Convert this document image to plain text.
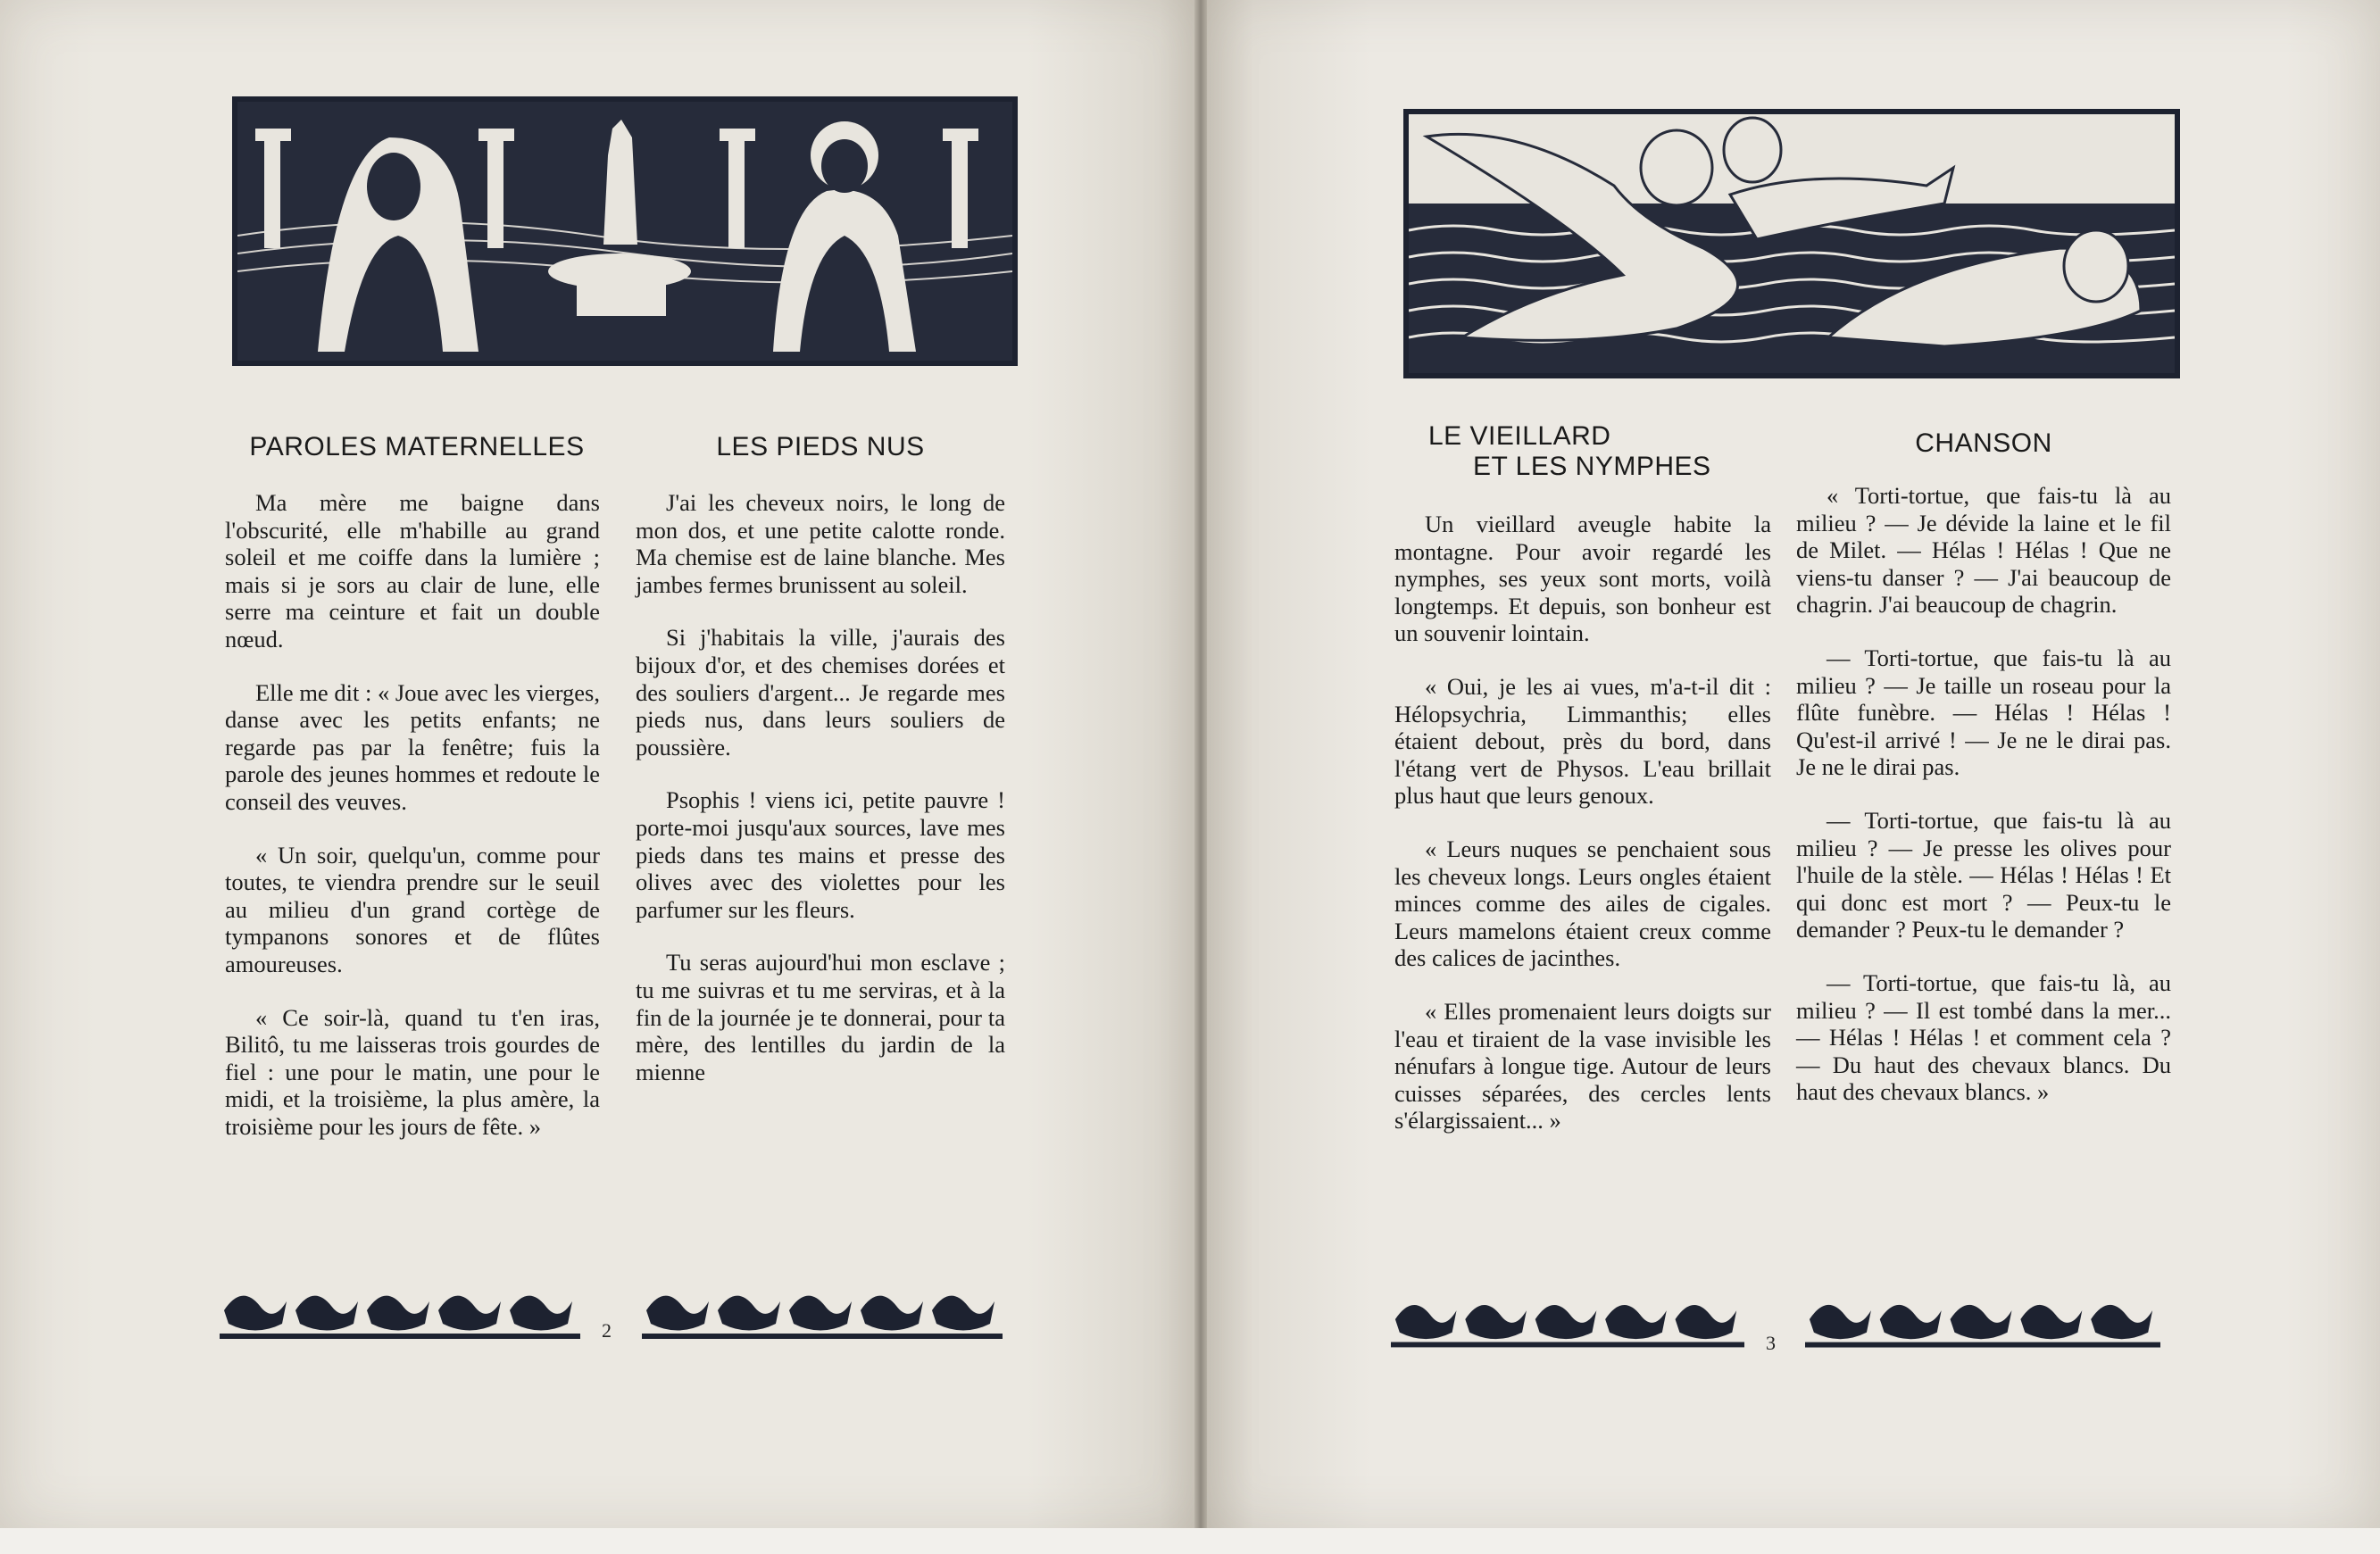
PAROLES MATERNELLES	LES PIEDS NUS

Ma mère me baigne dans l'obscurité, elle m'habille au grand soleil et me coiffe dans la lumière ; mais si je sors au clair de lune, elle serre ma ceinture et fait un double nœud.

Elle me dit : « Joue avec les vierges, danse avec les petits enfants; ne regarde pas par la fenêtre; fuis la parole des jeunes hommes et redoute le conseil des veuves.

« Un soir, quelqu'un, comme pour toutes, te viendra prendre sur le seuil au milieu d'un grand cortège de tympanons sonores et de flûtes amoureuses.

« Ce soir-là, quand tu t'en iras, Bilitô, tu me laisseras trois gourdes de fiel : une pour le matin, une pour le midi, et la troisième, la plus amère, la troisième pour les jours de fête. »

J'ai les cheveux noirs, le long de mon dos, et une petite calotte ronde. Ma chemise est de laine blanche. Mes jambes fermes brunissent au soleil.

Si j'habitais la ville, j'aurais des bijoux d'or, et des chemises dorées et des souliers d'argent... Je regarde mes pieds nus, dans leurs souliers de poussière.

Psophis ! viens ici, petite pauvre ! porte-moi jusqu'aux sources, lave mes pieds dans tes mains et presse des olives avec des violettes pour les parfumer sur les fleurs.

Tu seras aujourd'hui mon esclave ; tu me suivras et tu me serviras, et à la fin de la journée je te donnerai, pour ta mère, des lentilles du jardin de la mienne

LE VIEILLARD
ET LES NYMPHES
CHANSON

Un vieillard aveugle habite la montagne. Pour avoir regardé les nymphes, ses yeux sont morts, voilà longtemps. Et depuis, son bonheur est un souvenir lointain.

« Oui, je les ai vues, m'a-t-il dit : Hélopsychria, Limmanthis; elles étaient debout, près du bord, dans l'étang vert de Physos. L'eau brillait plus haut que leurs genoux.

« Leurs nuques se penchaient sous les cheveux longs. Leurs ongles étaient minces comme des ailes de cigales. Leurs mamelons étaient creux comme des calices de jacinthes.

« Elles promenaient leurs doigts sur l'eau et tiraient de la vase invisible les nénufars à longue tige. Autour de leurs cuisses séparées, des cercles lents s'élargissaient... »

« Torti-tortue, que fais-tu là au milieu ? — Je dévide la laine et le fil de Milet. — Hélas ! Hélas ! Que ne viens-tu danser ? — J'ai beaucoup de chagrin. J'ai beaucoup de chagrin.

— Torti-tortue, que fais-tu là au milieu ? — Je taille un roseau pour la flûte funèbre. — Hélas ! Hélas ! Qu'est-il arrivé ! — Je ne le dirai pas. Je ne le dirai pas.

— Torti-tortue, que fais-tu là au milieu ? — Je presse les olives pour l'huile de la stèle. — Hélas ! Hélas ! Et qui donc est mort ? — Peux-tu le demander ? Peux-tu le demander ?

— Torti-tortue, que fais-tu là, au milieu ? — Il est tombé dans la mer... — Hélas ! Hélas ! et comment cela ? — Du haut des chevaux blancs. Du haut des chevaux blancs. »

2
3
